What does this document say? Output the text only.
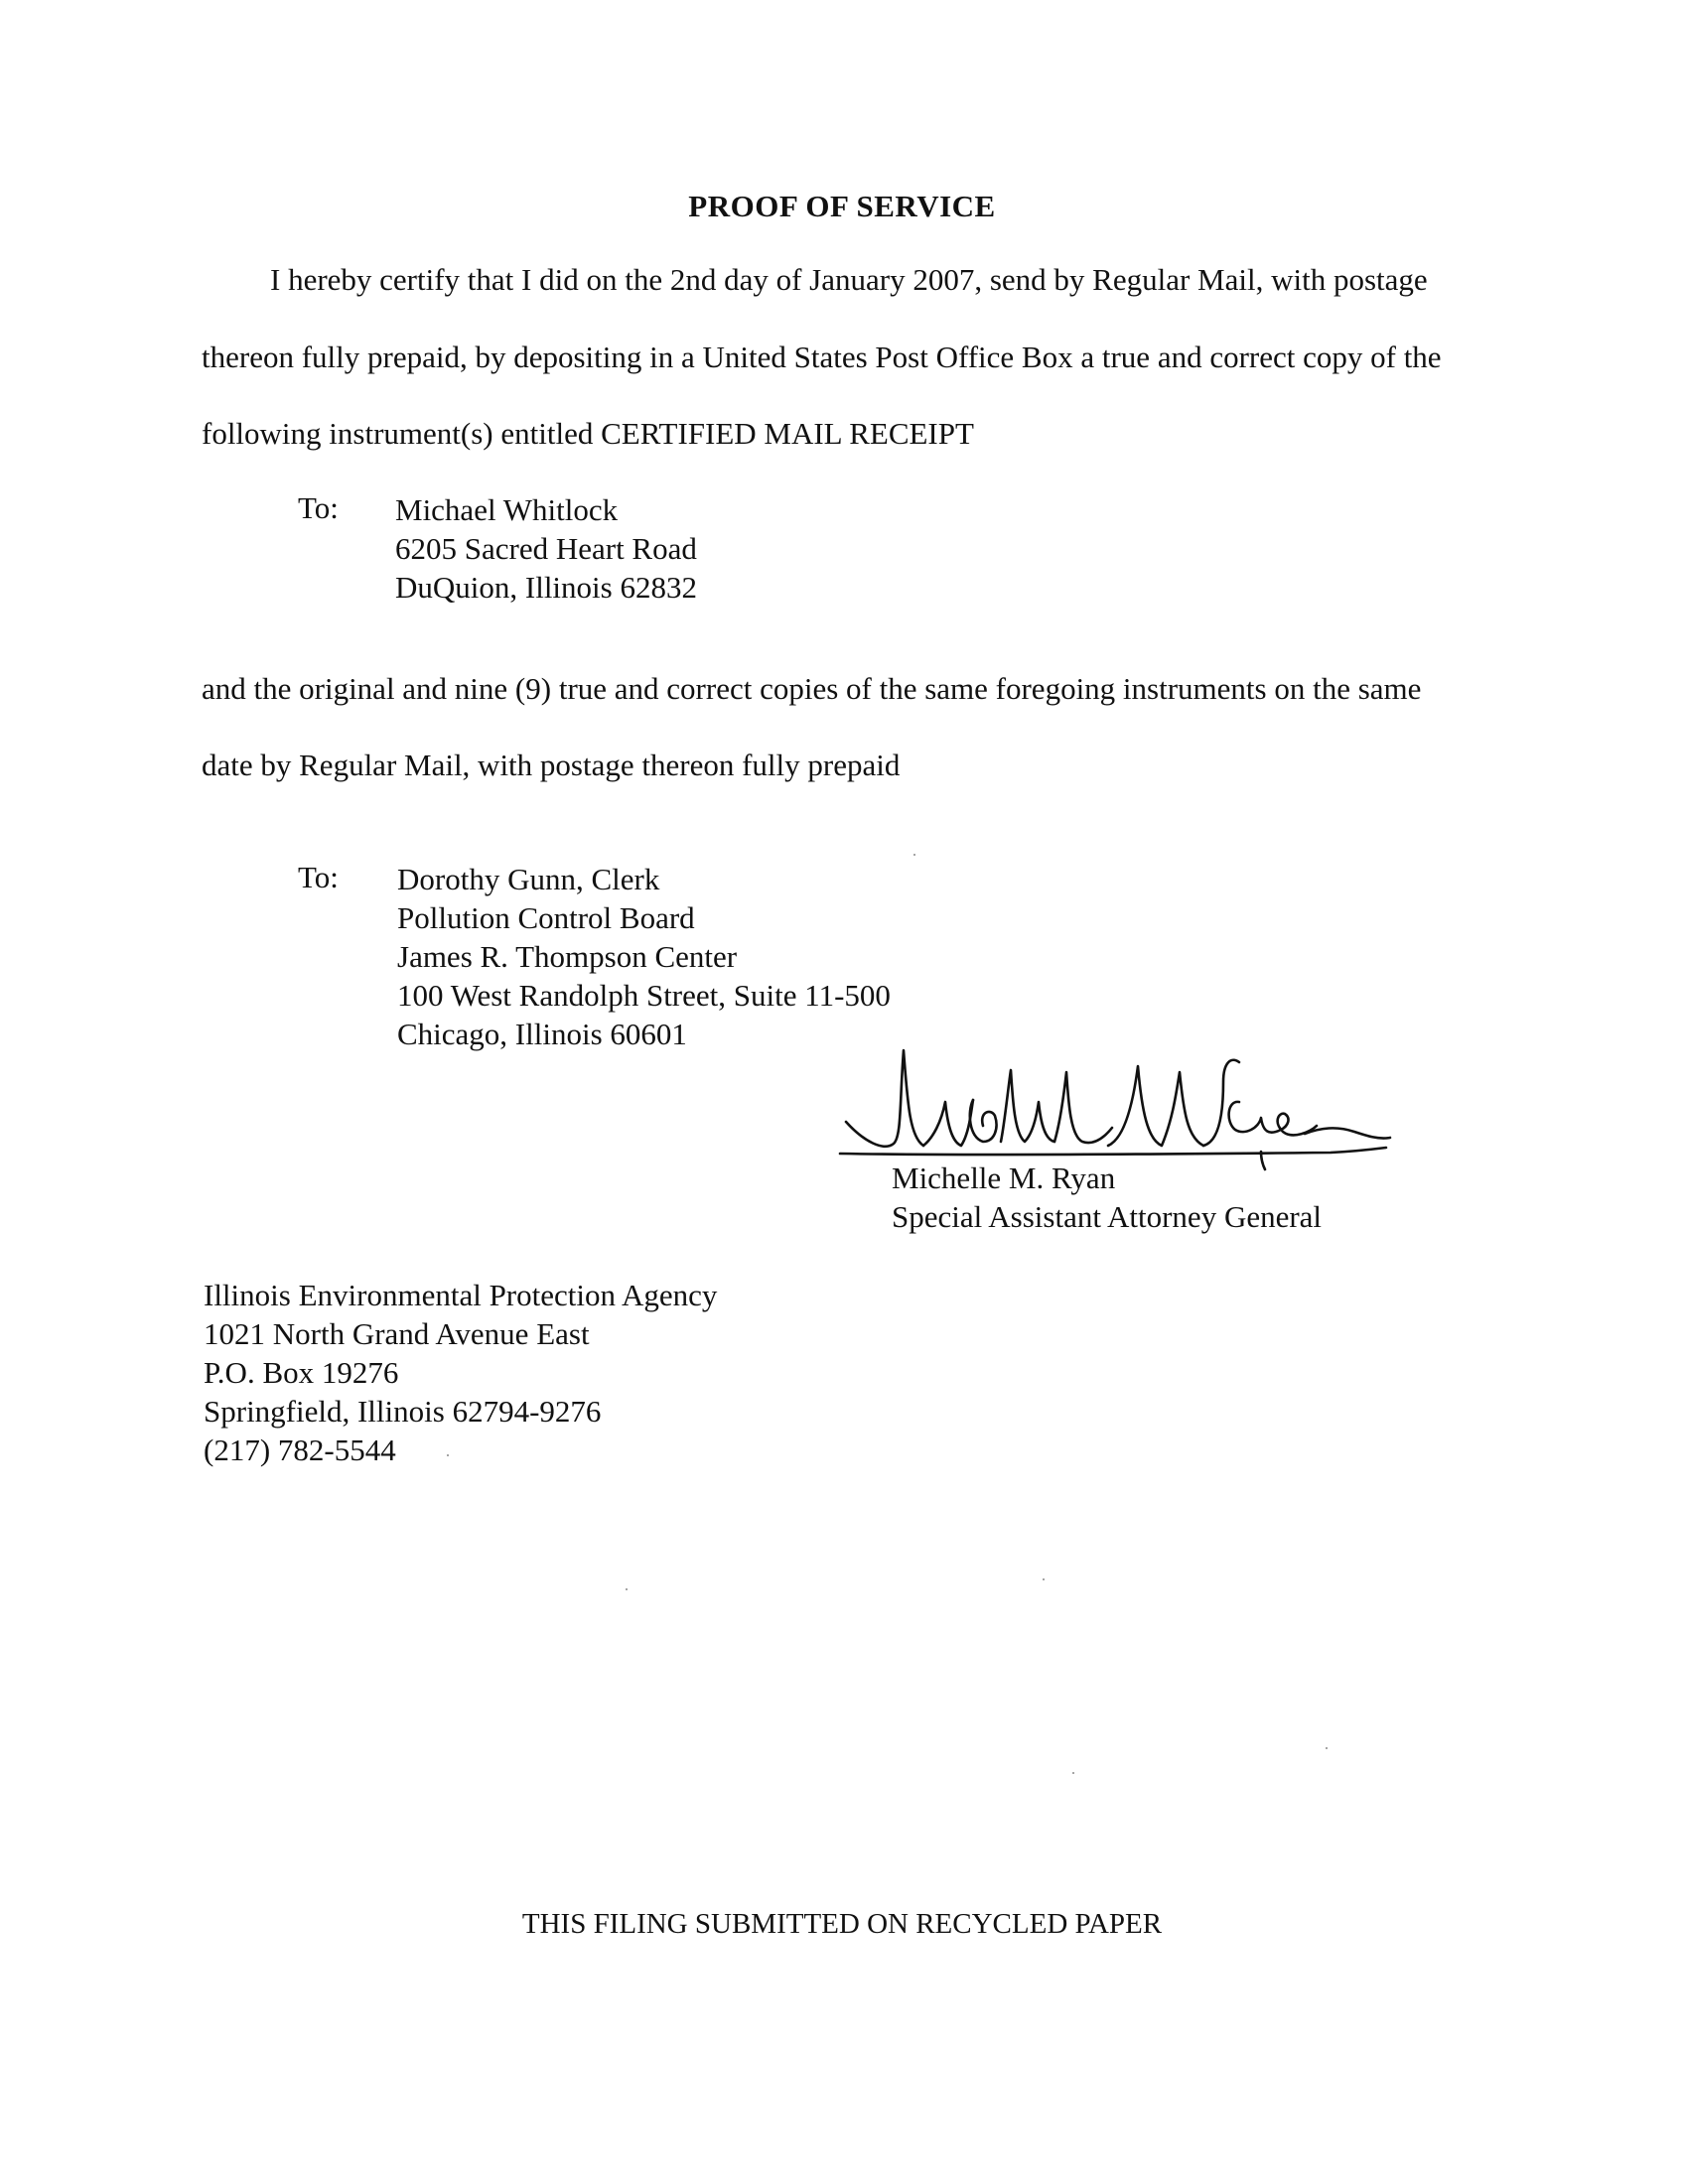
PROOF OF SERVICE
I hereby certify that I did on the 2nd day of January 2007, send by Regular Mail, with postage
thereon fully prepaid, by depositing in a United States Post Office Box a true and correct copy of the
following instrument(s) entitled CERTIFIED MAIL RECEIPT
To: Michael Whitlock
6205 Sacred Heart Road
DuQuion, Illinois 62832
and the original and nine (9) true and correct copies of the same foregoing instruments on the same
date by Regular Mail, with postage thereon fully prepaid
To: Dorothy Gunn, Clerk
Pollution Control Board
James R. Thompson Center
100 West Randolph Street, Suite 11-500
Chicago, Illinois 60601
Michelle M. Ryan
Special Assistant Attorney General
Illinois Environmental Protection Agency
1021 North Grand Avenue East
P.O. Box 19276
Springfield, Illinois 62794-9276
(217) 782-5544
THIS FILING SUBMITTED ON RECYCLED PAPER
